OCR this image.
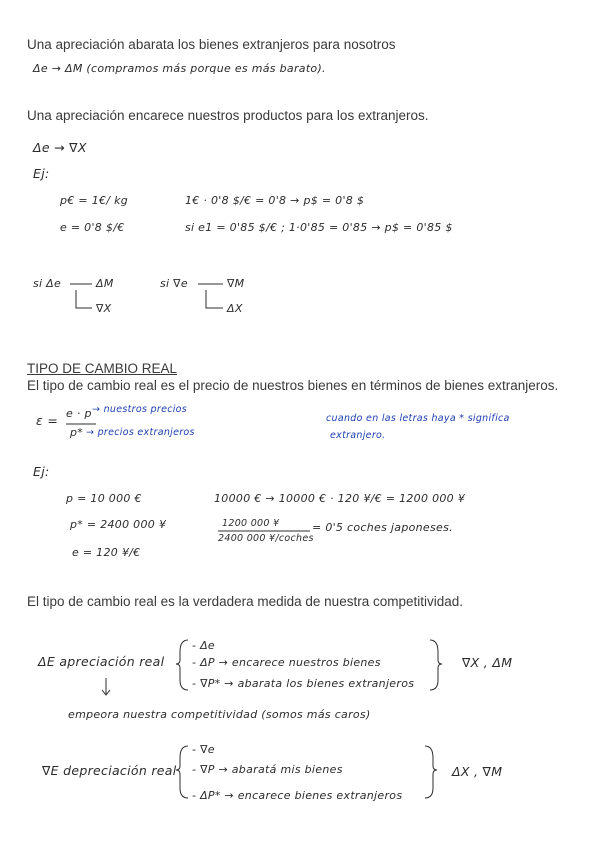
Una apreciación abarata los bienes extranjeros para nosotros
Δe → ΔM (compramos más porque es más barato).
Una apreciación encarece nuestros productos para los extranjeros.
Δe → ∇X
Ej:
p€ = 1€/ kg	1€ · 0'8 $/€ = 0'8 → p$ = 0'8 $
e = 0'8 $/€	si e1 = 0'85 $/€ ; 1·0'85 = 0'85 → p$ = 0'85 $
si Δe	ΔM
∇X
si ∇e	∇M
ΔX
TIPO DE CAMBIO REAL
El tipo de cambio real es el precio de nuestros bienes en términos de bienes extranjeros.
ε = e · p
p*
→ nuestros precios
→ precios extranjeros
cuando en las letras haya * significa
extranjero.
Ej:
p = 10 000 €	10000 € → 10000 € · 120 ¥/€ = 1200 000 ¥
p* = 2400 000 ¥	1200 000 ¥
2400 000 ¥/coches
= 0'5 coches japoneses.
e = 120 ¥/€
El tipo de cambio real es la verdadera medida de nuestra competitividad.
ΔE apreciación real
- Δe
- ΔP → encarece nuestros bienes
- ∇P* → abarata los bienes extranjeros
∇X , ΔM
empeora nuestra competitividad (somos más caros)
∇E depreciación real
- ∇e
- ∇P → abaratá mis bienes
- ΔP* → encarece bienes extranjeros
ΔX , ∇M
